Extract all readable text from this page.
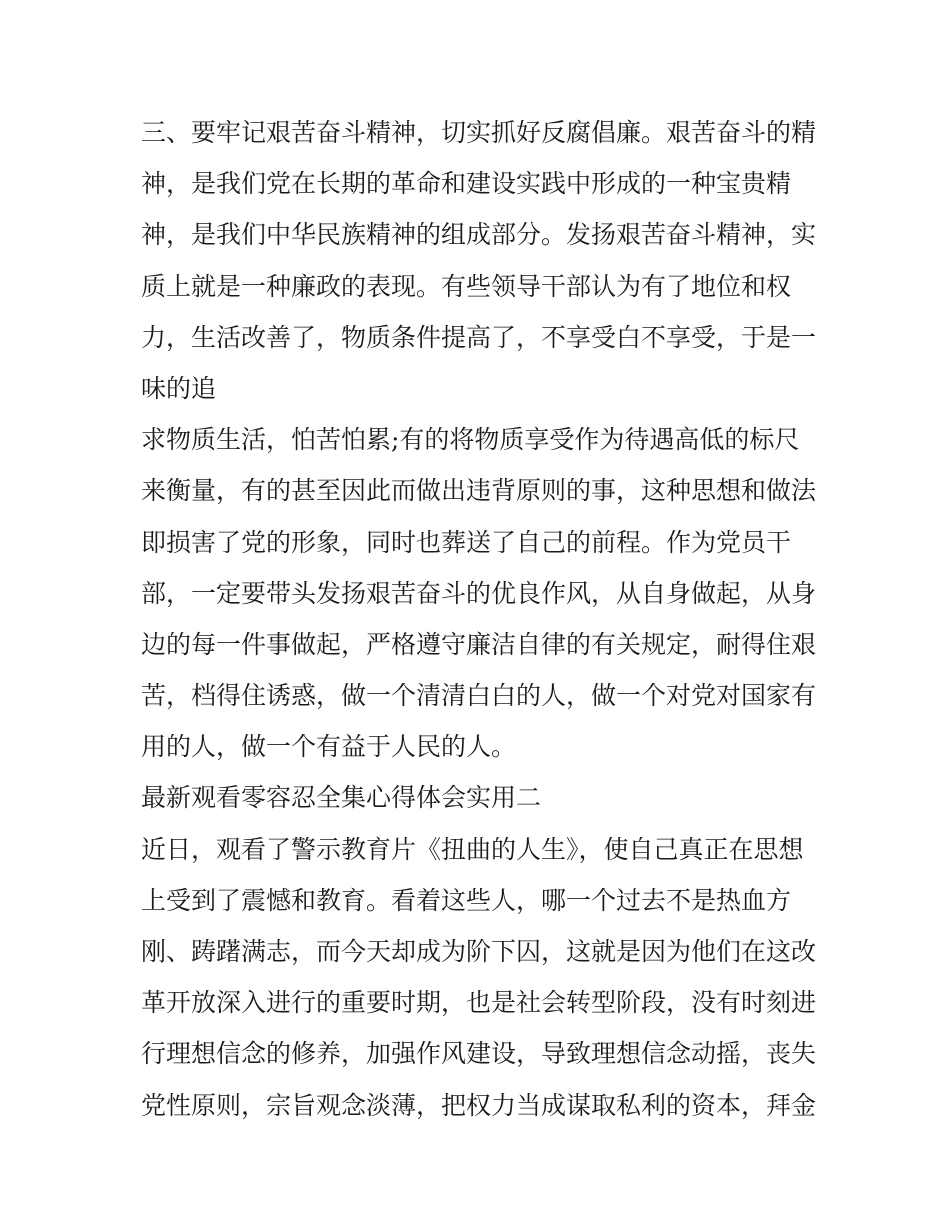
三、要牢记艰苦奋斗精神，切实抓好反腐倡廉。艰苦奋斗的精
神，是我们党在长期的革命和建设实践中形成的一种宝贵精
神，是我们中华民族精神的组成部分。发扬艰苦奋斗精神，实
质上就是一种廉政的表现。有些领导干部认为有了地位和权
力，生活改善了，物质条件提高了，不享受白不享受，于是一
味的追
求物质生活，怕苦怕累;有的将物质享受作为待遇高低的标尺
来衡量，有的甚至因此而做出违背原则的事，这种思想和做法
即损害了党的形象，同时也葬送了自己的前程。作为党员干
部，一定要带头发扬艰苦奋斗的优良作风，从自身做起，从身
边的每一件事做起，严格遵守廉洁自律的有关规定，耐得住艰
苦，档得住诱惑，做一个清清白白的人，做一个对党对国家有
用的人，做一个有益于人民的人。
最新观看零容忍全集心得体会实用二
近日，观看了警示教育片《扭曲的人生》，使自己真正在思想
上受到了震憾和教育。看着这些人，哪一个过去不是热血方
刚、踌躇满志，而今天却成为阶下囚，这就是因为他们在这改
革开放深入进行的重要时期，也是社会转型阶段，没有时刻进
行理想信念的修养，加强作风建设，导致理想信念动摇，丧失
党性原则，宗旨观念淡薄，把权力当成谋取私利的资本，拜金
